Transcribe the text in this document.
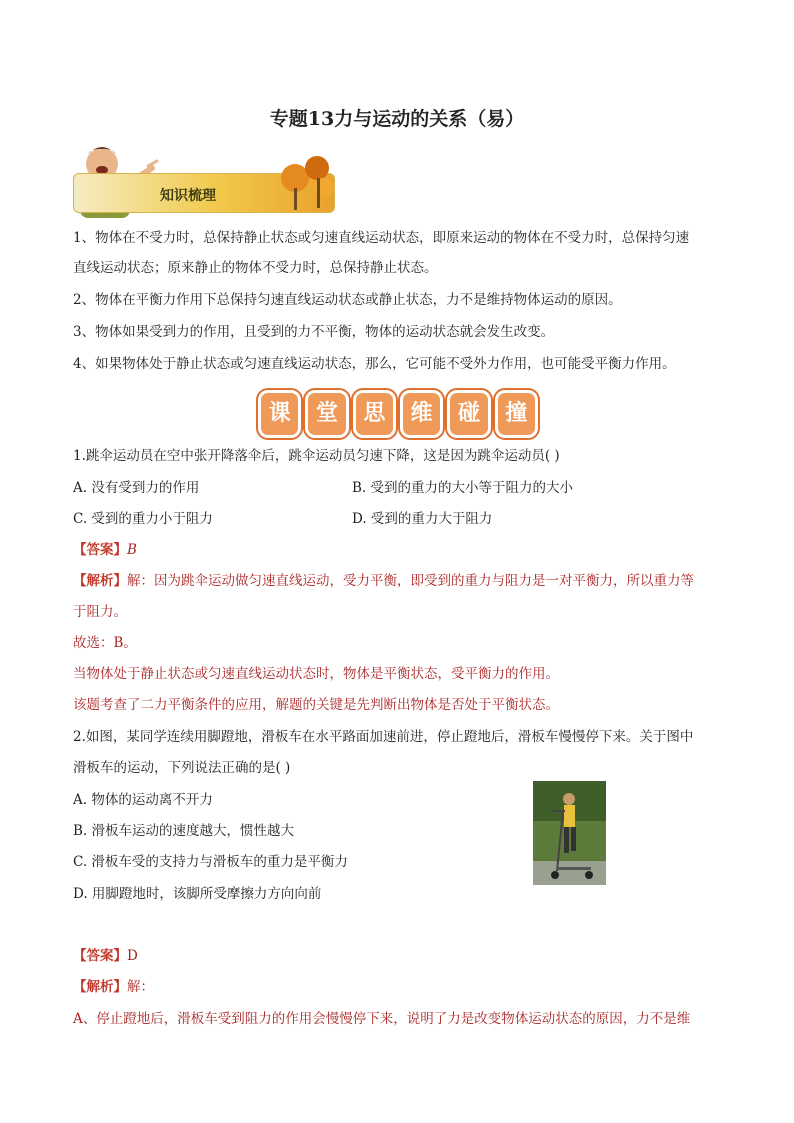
专题13力与运动的关系（易）
知识梳理
1、物体在不受力时，总保持静止状态或匀速直线运动状态，即原来运动的物体在不受力时，总保持匀速
直线运动状态；原来静止的物体不受力时，总保持静止状态。
2、物体在平衡力作用下总保持匀速直线运动状态或静止状态，力不是维持物体运动的原因。
3、物体如果受到力的作用，且受到的力不平衡，物体的运动状态就会发生改变。
4、如果物体处于静止状态或匀速直线运动状态，那么，它可能不受外力作用，也可能受平衡力作用。
课	堂	思	维	碰	撞
1.跳伞运动员在空中张开降落伞后，跳伞运动员匀速下降，这是因为跳伞运动员( )
A. 没有受到力的作用	B. 受到的重力的大小等于阻力的大小
C. 受到的重力小于阻力	D. 受到的重力大于阻力
【答案】B
【解析】解：因为跳伞运动做匀速直线运动，受力平衡，即受到的重力与阻力是一对平衡力，所以重力等
于阻力。
故选：B。
当物体处于静止状态或匀速直线运动状态时，物体是平衡状态，受平衡力的作用。
该题考查了二力平衡条件的应用，解题的关键是先判断出物体是否处于平衡状态。
2.如图，某同学连续用脚蹬地，滑板车在水平路面加速前进，停止蹬地后，滑板车慢慢停下来。关于图中
滑板车的运动，下列说法正确的是( )
A. 物体的运动离不开力
B. 滑板车运动的速度越大，惯性越大
C. 滑板车受的支持力与滑板车的重力是平衡力
D. 用脚蹬地时，该脚所受摩擦力方向向前
【答案】D
【解析】解：
A、停止蹬地后，滑板车受到阻力的作用会慢慢停下来，说明了力是改变物体运动状态的原因，力不是维
